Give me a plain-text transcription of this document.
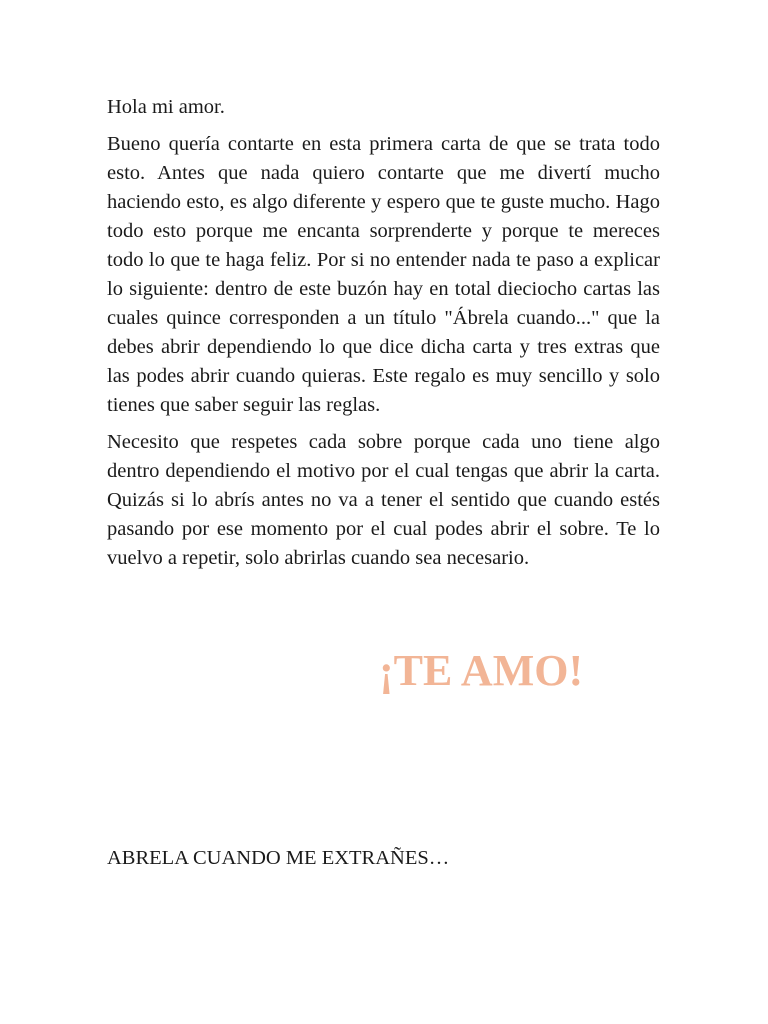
Hola mi amor.

Bueno quería contarte en esta primera carta de que se trata todo esto. Antes que nada quiero contarte que me divertí mucho haciendo esto, es algo diferente y espero que te guste mucho. Hago todo esto porque me encanta sorprenderte y porque te mereces todo lo que te haga feliz. Por si no entender nada te paso a explicar lo siguiente: dentro de este buzón hay en total dieciocho cartas las cuales quince corresponden a un título "Ábrela cuando..." que la debes abrir dependiendo lo que dice dicha carta y tres extras que las podes abrir cuando quieras. Este regalo es muy sencillo y solo tienes que saber seguir las reglas.

Necesito que respetes cada sobre porque cada uno tiene algo dentro dependiendo el motivo por el cual tengas que abrir la carta. Quizás si lo abrís antes no va a tener el sentido que cuando estés pasando por ese momento por el cual podes abrir el sobre. Te lo vuelvo a repetir, solo abrirlas cuando sea necesario.

¡TE AMO!
ABRELA CUANDO ME EXTRAÑES…
